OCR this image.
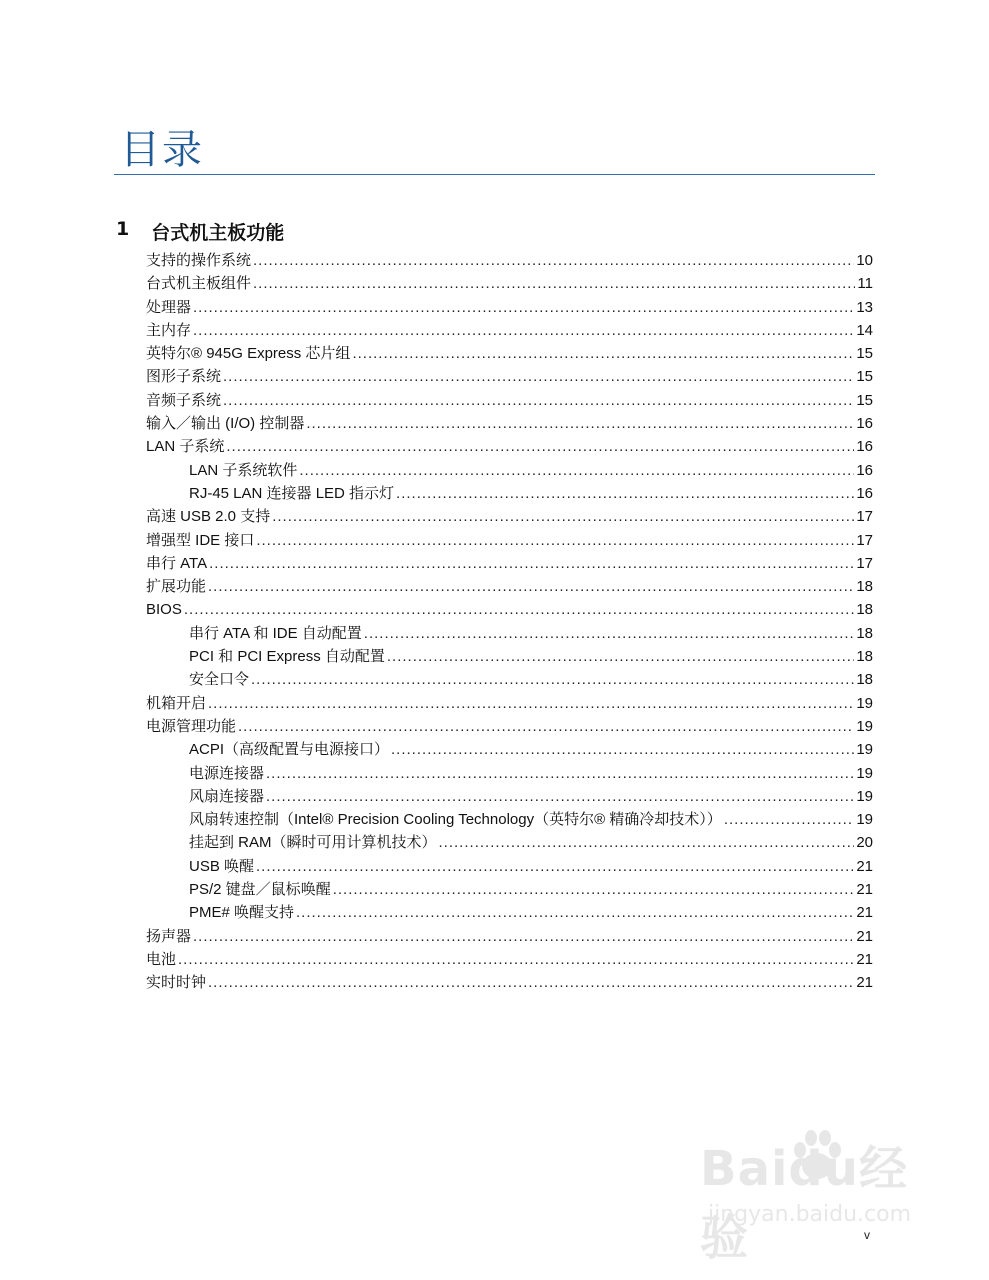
目录
1 台式机主板功能
支持的操作系统 .....	10
台式机主板组件 .....	11
处理器 .....	13
主内存 .....	14
英特尔® 945G Express 芯片组 .....	15
图形子系统 .....	15
音频子系统 .....	15
输入／输出 (I/O) 控制器 .....	16
LAN 子系统 .....	16
LAN 子系统软件 .....	16
RJ-45 LAN 连接器 LED 指示灯 .....	16
高速 USB 2.0 支持 .....	17
增强型 IDE 接口 .....	17
串行 ATA .....	17
扩展功能 .....	18
BIOS .....	18
串行 ATA 和 IDE 自动配置 .....	18
PCI 和 PCI Express 自动配置 .....	18
安全口令 .....	18
机箱开启 .....	19
电源管理功能 .....	19
ACPI（高级配置与电源接口） .....	19
电源连接器 .....	19
风扇连接器 .....	19
风扇转速控制（Intel® Precision Cooling Technology（英特尔® 精确冷却技术）） .....	19
挂起到 RAM（瞬时可用计算机技术） .....	20
USB 唤醒 .....	21
PS/2 键盘／鼠标唤醒 .....	21
PME# 唤醒支持 .....	21
扬声器 .....	21
电池 .....	21
实时时钟 .....	21
Baidu经验
jingyan.baidu.com
v
